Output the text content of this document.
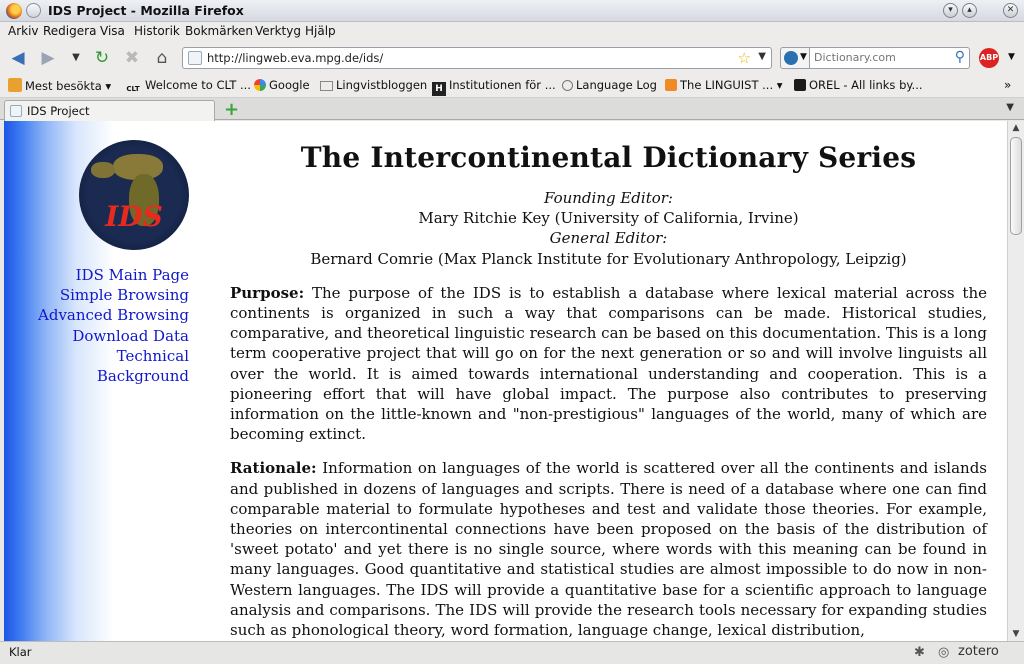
IDS Project - Mozilla Firefox	▾	▴	✕
Arkiv Redigera Visa Historik Bokmärken Verktyg Hjälp
◀ ▶	▼ ↻ ✖ ⌂	http://lingweb.eva.mpg.de/ids/	☆ ▼	▼
Dictionary.com	⚲ ABP ▼
Mest besökta ▾	CLT Welcome to CLT ...	Google	Lingvistbloggen H Institutionen för ...	Language Log	The LINGUIST ... ▾	OREL - All links by...	»
IDS Project	+	▼
IDS
IDS Main Page
Simple Browsing
Advanced Browsing
Download Data
Technical
Background
The Intercontinental Dictionary Series
Founding Editor:
Mary Ritchie Key (University of California, Irvine)
General Editor:
Bernard Comrie (Max Planck Institute for Evolutionary Anthropology, Leipzig)

Purpose: The purpose of the IDS is to establish a database where lexical material across the continents is organized in such a way that comparisons can be made. Historical studies, comparative, and theoretical linguistic research can be based on this documentation. This is a long term cooperative project that will go on for the next generation or so and will involve linguists all over the world. It is aimed towards international understanding and cooperation. This is a pioneering effort that will have global impact. The purpose also contributes to preserving information on the little-known and "non-prestigious" languages of the world, many of which are becoming extinct.

Rationale: Information on languages of the world is scattered over all the continents and islands and published in dozens of languages and scripts. There is need of a database where one can find comparable material to formulate hypotheses and test and validate those theories. For example, theories on intercontinental connections have been proposed on the basis of the distribution of 'sweet potato' and yet there is no single source, where words with this meaning can be found in many languages. Good quantitative and statistical studies are almost impossible to do now in non-Western languages. The IDS will provide a quantitative base for a scientific approach to language analysis and comparisons. The IDS will provide the research tools necessary for expanding studies such as phonological theory, word formation, language change, lexical distribution,

▲
▼
Klar	✱ ◎ zotero
